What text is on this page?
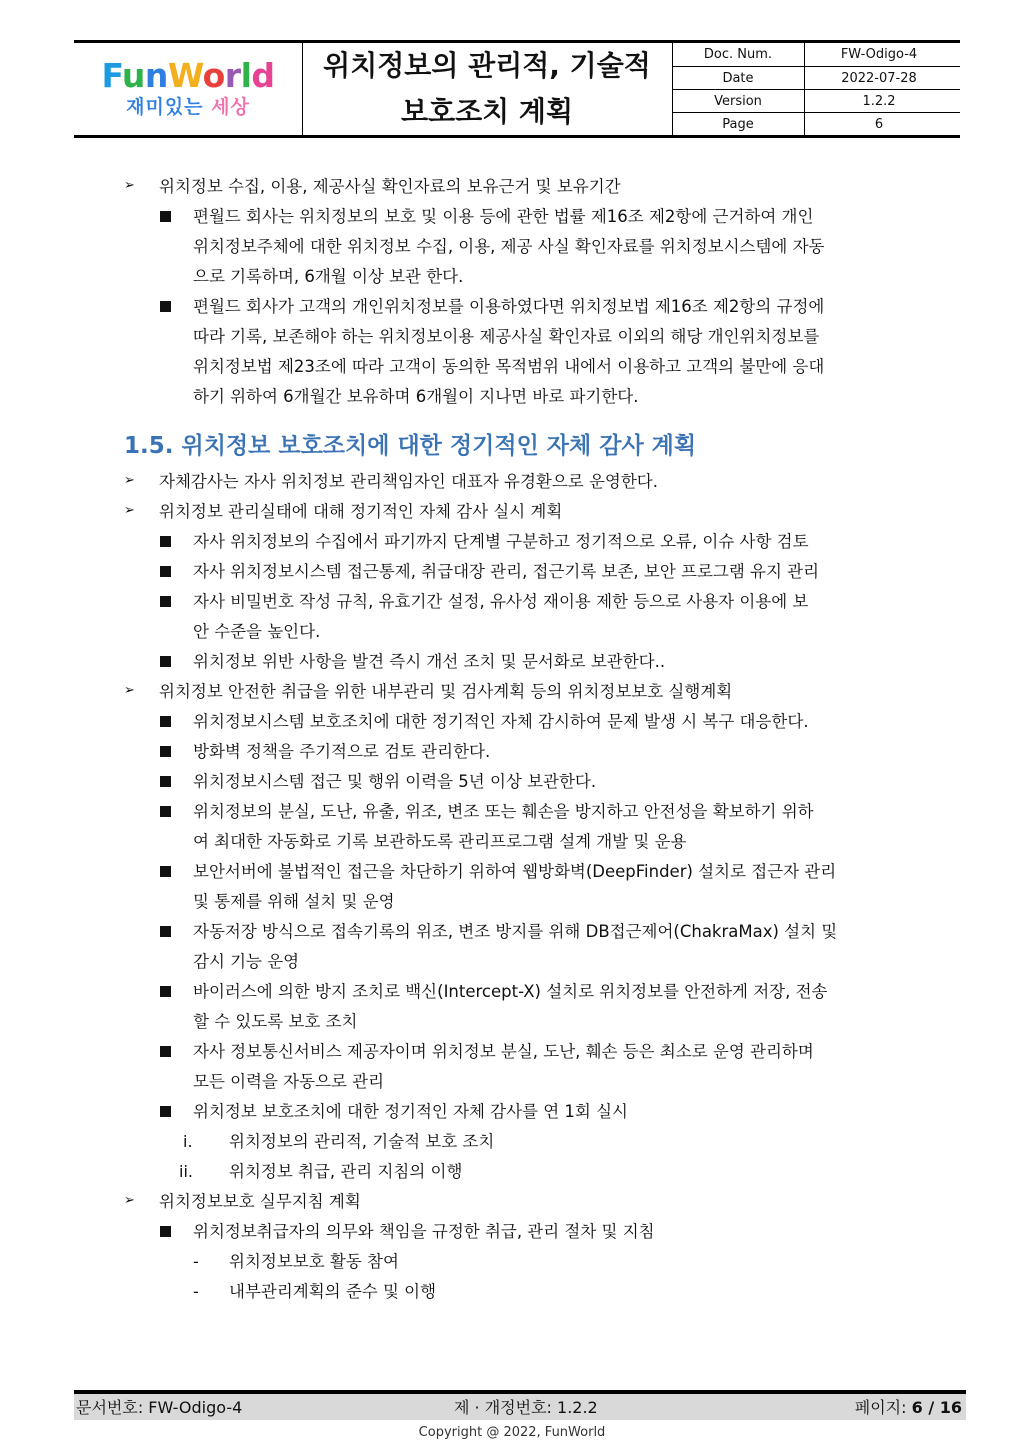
FunWorld
재미있는 세상
위치정보의 관리적, 기술적
보호조치 계획
Doc. Num.	FW-Odigo-4
Date	2022-07-28
Version	1.2.2
Page	6
➢ 위치정보 수집, 이용, 제공사실 확인자료의 보유근거 및 보유기간
편월드 회사는 위치정보의 보호 및 이용 등에 관한 법률 제16조 제2항에 근거하여 개인
위치정보주체에 대한 위치정보 수집, 이용, 제공 사실 확인자료를 위치정보시스템에 자동
으로 기록하며, 6개월 이상 보관 한다.
편월드 회사가 고객의 개인위치정보를 이용하였다면 위치정보법 제16조 제2항의 규정에
따라 기록, 보존해야 하는 위치정보이용 제공사실 확인자료 이외의 해당 개인위치정보를
위치정보법 제23조에 따라 고객이 동의한 목적범위 내에서 이용하고 고객의 불만에 응대
하기 위하여 6개월간 보유하며 6개월이 지나면 바로 파기한다.
1.5. 위치정보 보호조치에 대한 정기적인 자체 감사 계획
➢ 자체감사는 자사 위치정보 관리책임자인 대표자 유경환으로 운영한다.
➢ 위치정보 관리실태에 대해 정기적인 자체 감사 실시 계획
자사 위치정보의 수집에서 파기까지 단계별 구분하고 정기적으로 오류, 이슈 사항 검토
자사 위치정보시스템 접근통제, 취급대장 관리, 접근기록 보존, 보안 프로그램 유지 관리
자사 비밀번호 작성 규칙, 유효기간 설정, 유사성 재이용 제한 등으로 사용자 이용에 보
안 수준을 높인다.
위치정보 위반 사항을 발견 즉시 개선 조치 및 문서화로 보관한다..
➢ 위치정보 안전한 취급을 위한 내부관리 및 검사계획 등의 위치정보보호 실행계획
위치정보시스템 보호조치에 대한 정기적인 자체 감시하여 문제 발생 시 복구 대응한다.
방화벽 정책을 주기적으로 검토 관리한다.
위치정보시스템 접근 및 행위 이력을 5년 이상 보관한다.
위치정보의 분실, 도난, 유출, 위조, 변조 또는 훼손을 방지하고 안전성을 확보하기 위하
여 최대한 자동화로 기록 보관하도록 관리프로그램 설계 개발 및 운용
보안서버에 불법적인 접근을 차단하기 위하여 웹방화벽(DeepFinder) 설치로 접근자 관리
및 통제를 위해 설치 및 운영
자동저장 방식으로 접속기록의 위조, 변조 방지를 위해 DB접근제어(ChakraMax) 설치 및
감시 기능 운영
바이러스에 의한 방지 조치로 백신(Intercept-X) 설치로 위치정보를 안전하게 저장, 전송
할 수 있도록 보호 조치
자사 정보통신서비스 제공자이며 위치정보 분실, 도난, 훼손 등은 최소로 운영 관리하며
모든 이력을 자동으로 관리
위치정보 보호조치에 대한 정기적인 자체 감사를 연 1회 실시
i. 위치정보의 관리적, 기술적 보호 조치
ii. 위치정보 취급, 관리 지침의 이행
➢ 위치정보보호 실무지침 계획
위치정보취급자의 의무와 책임을 규정한 취급, 관리 절차 및 지침
- 위치정보보호 활동 참여
- 내부관리계획의 준수 및 이행
문서번호: FW-Odigo-4	제 · 개정번호: 1.2.2	페이지: 6 / 16
Copyright @ 2022, FunWorld
